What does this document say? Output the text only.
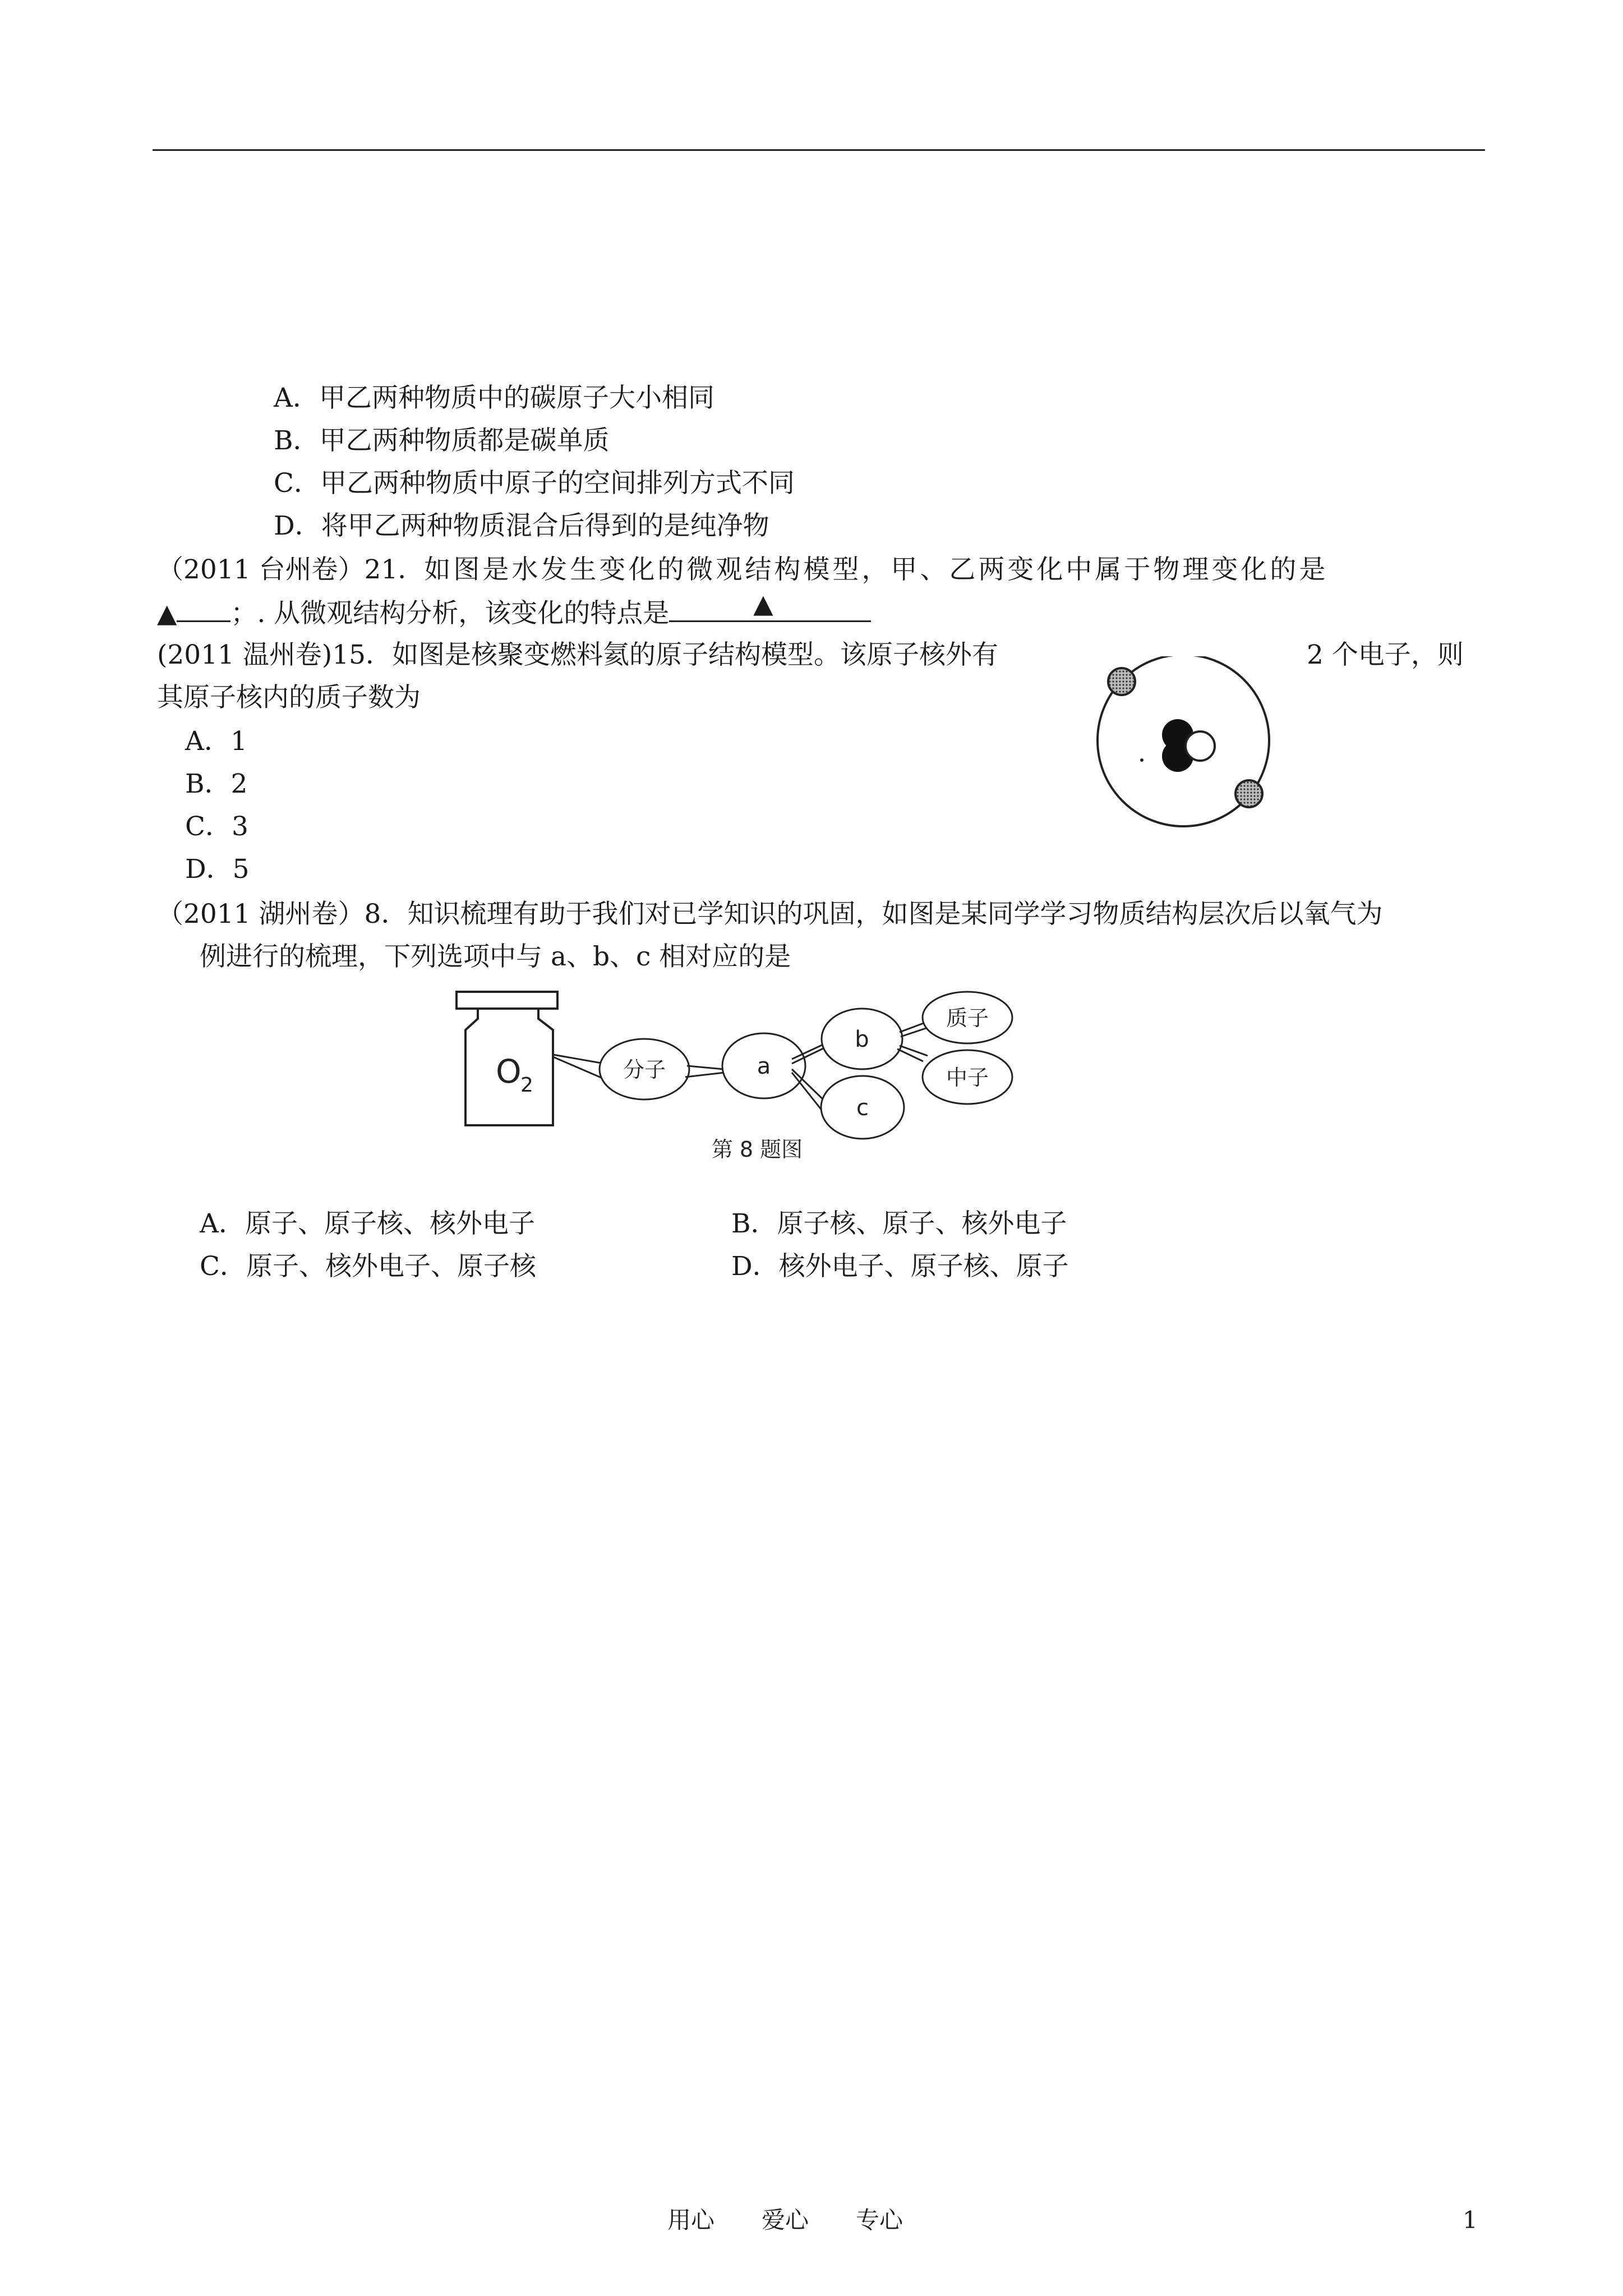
A．甲乙两种物质中的碳原子大小相同
B．甲乙两种物质都是碳单质
C．甲乙两种物质中原子的空间排列方式不同
D．将甲乙两种物质混合后得到的是纯净物
（2011 台州卷）21．如图是水发生变化的微观结构模型，甲、乙两变化中属于物理变化的是
▲ ；. 从微观结构分析，该变化的特点是	▲
(2011 温州卷)15．如图是核聚变燃料氦的原子结构模型。该原子核外有	2 个电子，则
其原子核内的质子数为
A．1
B．2
C．3
D．5
（2011 湖州卷）8．知识梳理有助于我们对已学知识的巩固，如图是某同学学习物质结构层次后以氧气为
例进行的梳理，下列选项中与 a、b、c 相对应的是
O
2
分子	a
b
c
质子
中子
第 8 题图
A．原子、原子核、核外电子	B．原子核、原子、核外电子
C．原子、核外电子、原子核	D．核外电子、原子核、原子
用心　　爱心　　专心	1
